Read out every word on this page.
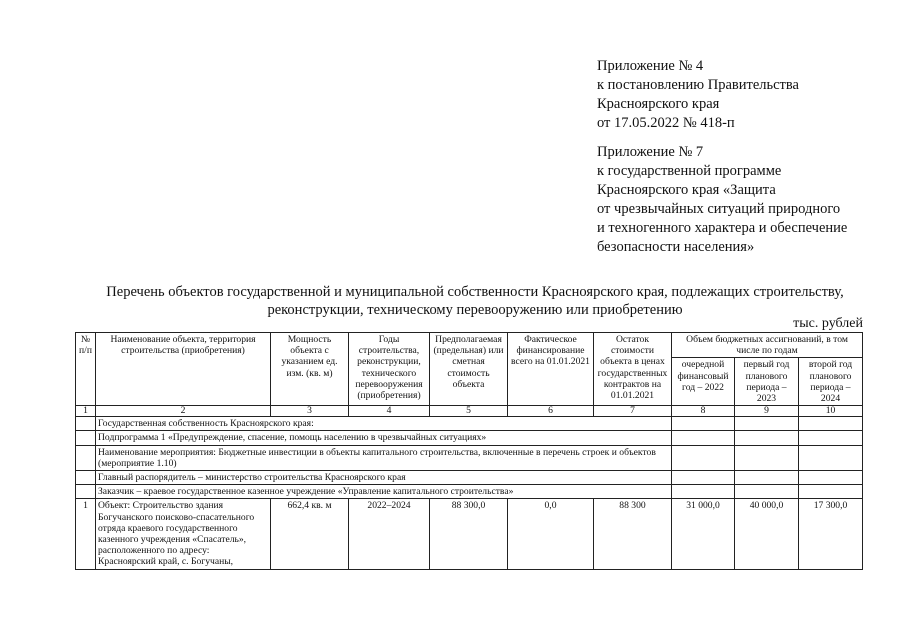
Приложение № 4
к постановлению Правительства
Красноярского края
от 17.05.2022 № 418-п
Приложение № 7
к государственной программе
Красноярского края «Защита
от чрезвычайных ситуаций природного
и техногенного характера и обеспечение
безопасности населения»
Перечень объектов государственной и муниципальной собственности Красноярского края, подлежащих строительству,
реконструкции, техническому перевооружению или приобретению
тыс. рублей
№ п/п	Наименование объекта, территория строительства (приобретения)	Мощность объекта с указанием ед. изм. (кв. м)	Годы строительства, реконструкции, технического перевооружения (приобретения)	Предполагаемая (предельная) или сметная стоимость объекта	Фактическое финансирование всего на 01.01.2021	Остаток стоимости объекта в ценах государственных контрактов на 01.01.2021	Объем бюджетных ассигнований, в том числе по годам		
							очередной финансовый год – 2022	первый год планового периода – 2023	второй год планового периода – 2024
1	2	3	4	5	6	7	8	9	10
	Государственная собственность Красноярского края:								
	Подпрограмма 1 «Предупреждение, спасение, помощь населению в чрезвычайных ситуациях»								
	Наименование мероприятия: Бюджетные инвестиции в объекты капитального строительства, включенные в перечень строек и объектов (мероприятие 1.10)								
	Главный распорядитель – министерство строительства Красноярского края								
	Заказчик – краевое государственное казенное учреждение «Управление капитального строительства»								
1	Объект: Строительство здания Богучанского поисково-спасательного отряда краевого государственного казенного учреждения «Спасатель», расположенного по адресу: Красноярский край, с. Богучаны,	662,4 кв. м	2022–2024	88 300,0	0,0	88 300	31 000,0	40 000,0	17 300,0
